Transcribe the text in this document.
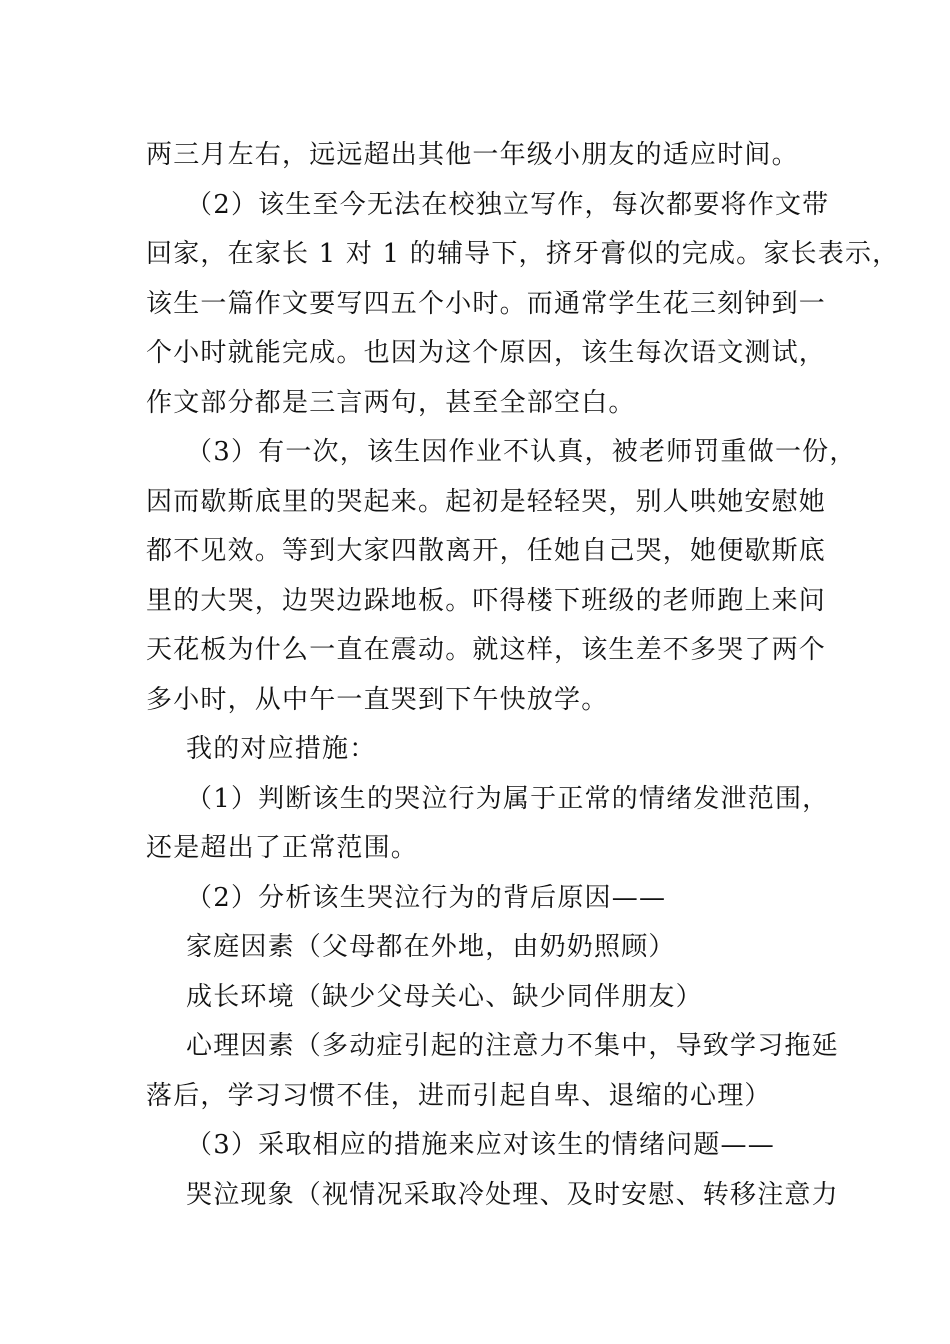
两三月左右，远远超出其他一年级小朋友的适应时间。

（2）该生至今无法在校独立写作，每次都要将作文带
回家，在家长 1 对 1 的辅导下，挤牙膏似的完成。家长表示，
该生一篇作文要写四五个小时。而通常学生花三刻钟到一
个小时就能完成。也因为这个原因，该生每次语文测试，
作文部分都是三言两句，甚至全部空白。

（3）有一次，该生因作业不认真，被老师罚重做一份，
因而歇斯底里的哭起来。起初是轻轻哭，别人哄她安慰她
都不见效。等到大家四散离开，任她自己哭，她便歇斯底
里的大哭，边哭边跺地板。吓得楼下班级的老师跑上来问
天花板为什么一直在震动。就这样，该生差不多哭了两个
多小时，从中午一直哭到下午快放学。

我的对应措施：

（1）判断该生的哭泣行为属于正常的情绪发泄范围，
还是超出了正常范围。

（2）分析该生哭泣行为的背后原因——

家庭因素（父母都在外地，由奶奶照顾）

成长环境（缺少父母关心、缺少同伴朋友）

心理因素（多动症引起的注意力不集中，导致学习拖延
落后，学习习惯不佳，进而引起自卑、退缩的心理）

（3）采取相应的措施来应对该生的情绪问题——

哭泣现象（视情况采取冷处理、及时安慰、转移注意力
